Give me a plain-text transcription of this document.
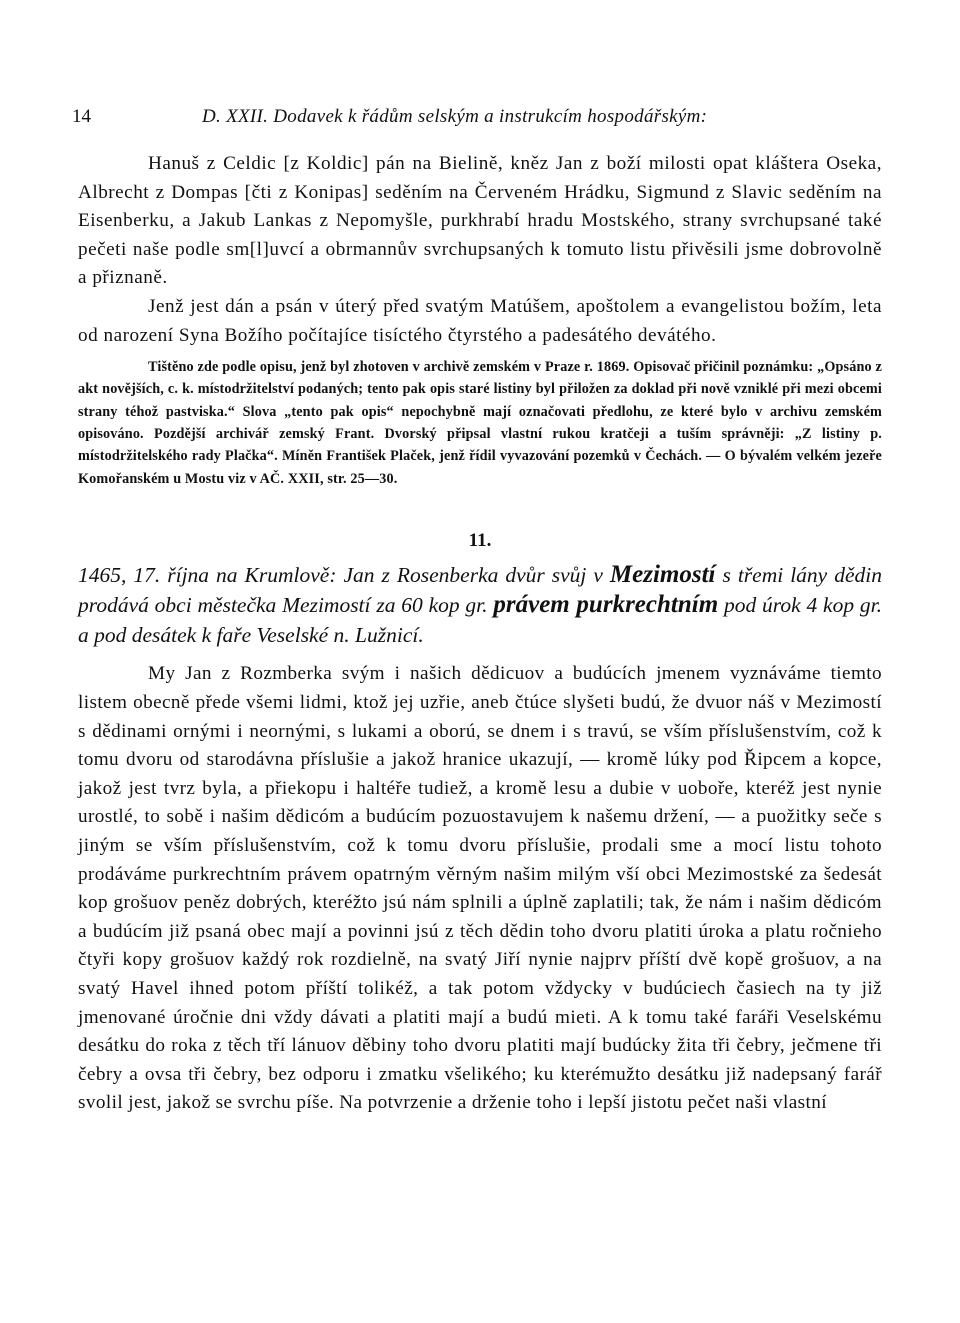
14	D. XXII. Dodavek k řádům selským a instrukcím hospodářským:

Hanuš z Celdic [z Koldic] pán na Bielině, kněz Jan z boží milosti opat kláštera Oseka, Albrecht z Dompas [čti z Konipas] seděním na Červeném Hrádku, Sigmund z Slavic seděním na Eisenberku, a Jakub Lankas z Nepomyšle, purkhrabí hradu Mostského, strany svrchupsané také pečeti naše podle sm[l]uvcí a obrmannův svrchupsaných k tomuto listu přivěsili jsme dobrovolně a přiznaně.

Jenž jest dán a psán v úterý před svatým Matúšem, apoštolem a evangelistou božím, leta od narození Syna Božího počítajíce tisíctého čtyrstého a padesátého devátého.

Tištěno zde podle opisu, jenž byl zhotoven v archivě zemském v Praze r. 1869. Opisovač přičinil poznámku: „Opsáno z akt novějších, c. k. místodržitelství podaných; tento pak opis staré listiny byl přiložen za doklad při nově vzniklé při mezi obcemi strany téhož pastviska.“ Slova „tento pak opis“ nepochybně mají označovati předlohu, ze které bylo v archivu zemském opisováno. Pozdější archivář zemský Frant. Dvorský připsal vlastní rukou kratčeji a tuším správněji: „Z listiny p. místodržitelského rady Plačka“. Míněn František Plaček, jenž řídil vyvazování pozemků v Čechách. — O bývalém velkém jezeře Komořanském u Mostu viz v AČ. XXII, str. 25—30.

11.

1465, 17. října na Krumlově: Jan z Rosenberka dvůr svůj v Mezimostí s třemi lány dědin prodává obci městečka Mezimostí za 60 kop gr. právem purkrechtním pod úrok 4 kop gr. a pod desátek k faře Veselské n. Lužnicí.

My Jan z Rozmberka svým i našich dědicuov a budúcích jmenem vyznáváme tiemto listem obecně přede všemi lidmi, ktož jej uzřie, aneb čtúce slyšeti budú, že dvuor náš v Mezimostí s dědinami ornými i neornými, s lukami a oború, se dnem i s travú, se vším příslušenstvím, což k tomu dvoru od starodávna příslušie a jakož hranice ukazují, — kromě lúky pod Řipcem a kopce, jakož jest tvrz byla, a přiekopu i haltéře tudiež, a kromě lesu a dubie v uoboře, kteréž jest nynie urostlé, to sobě i našim dědicóm a budúcím pozuostavujem k našemu držení, — a puožitky seče s jiným se vším příslušenstvím, což k tomu dvoru příslušie, prodali sme a mocí listu tohoto prodáváme purkrechtním právem opatrným věrným našim milým vší obci Mezimostské za šedesát kop grošuov peněz dobrých, kteréžto jsú nám splnili a úplně zaplatili; tak, že nám i našim dědicóm a budúcím již psaná obec mají a povinni jsú z těch dědin toho dvoru platiti úroka a platu ročnieho čtyři kopy grošuov každý rok rozdielně, na svatý Jiří nynie najprv příští dvě kopě grošuov, a na svatý Havel ihned potom příští tolikéž, a tak potom vždycky v budúciech časiech na ty již jmenované úročnie dni vždy dávati a platiti mají a budú mieti. A k tomu také faráři Veselskému desátku do roka z těch tří lánuov děbiny toho dvoru platiti mají budúcky žita tři čebry, ječmene tři čebry a ovsa tři čebry, bez odporu i zmatku všelikého; ku kterémužto desátku již nadepsaný farář svolil jest, jakož se svrchu píše. Na potvrzenie a drženie toho i lepší jistotu pečet naši vlastní
